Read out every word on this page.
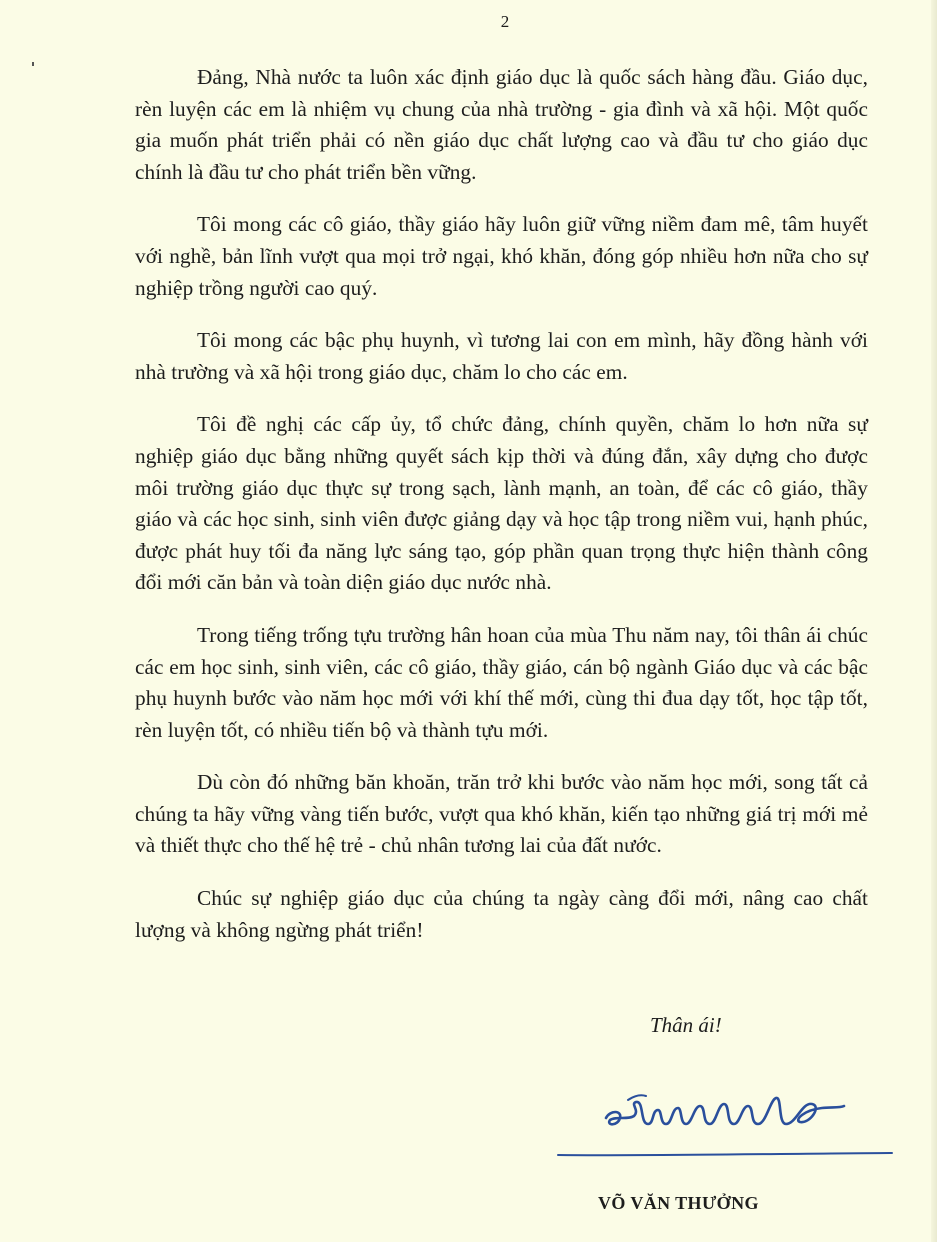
2

Đảng, Nhà nước ta luôn xác định giáo dục là quốc sách hàng đầu. Giáo dục, rèn luyện các em là nhiệm vụ chung của nhà trường - gia đình và xã hội. Một quốc gia muốn phát triển phải có nền giáo dục chất lượng cao và đầu tư cho giáo dục chính là đầu tư cho phát triển bền vững.

Tôi mong các cô giáo, thầy giáo hãy luôn giữ vững niềm đam mê, tâm huyết với nghề, bản lĩnh vượt qua mọi trở ngại, khó khăn, đóng góp nhiều hơn nữa cho sự nghiệp trồng người cao quý.

Tôi mong các bậc phụ huynh, vì tương lai con em mình, hãy đồng hành với nhà trường và xã hội trong giáo dục, chăm lo cho các em.

Tôi đề nghị các cấp ủy, tổ chức đảng, chính quyền, chăm lo hơn nữa sự nghiệp giáo dục bằng những quyết sách kịp thời và đúng đắn, xây dựng cho được môi trường giáo dục thực sự trong sạch, lành mạnh, an toàn, để các cô giáo, thầy giáo và các học sinh, sinh viên được giảng dạy và học tập trong niềm vui, hạnh phúc, được phát huy tối đa năng lực sáng tạo, góp phần quan trọng thực hiện thành công đổi mới căn bản và toàn diện giáo dục nước nhà.

Trong tiếng trống tựu trường hân hoan của mùa Thu năm nay, tôi thân ái chúc các em học sinh, sinh viên, các cô giáo, thầy giáo, cán bộ ngành Giáo dục và các bậc phụ huynh bước vào năm học mới với khí thế mới, cùng thi đua dạy tốt, học tập tốt, rèn luyện tốt, có nhiều tiến bộ và thành tựu mới.

Dù còn đó những băn khoăn, trăn trở khi bước vào năm học mới, song tất cả chúng ta hãy vững vàng tiến bước, vượt qua khó khăn, kiến tạo những giá trị mới mẻ và thiết thực cho thế hệ trẻ - chủ nhân tương lai của đất nước.

Chúc sự nghiệp giáo dục của chúng ta ngày càng đổi mới, nâng cao chất lượng và không ngừng phát triển!

Thân ái!
VÕ VĂN THƯỞNG
